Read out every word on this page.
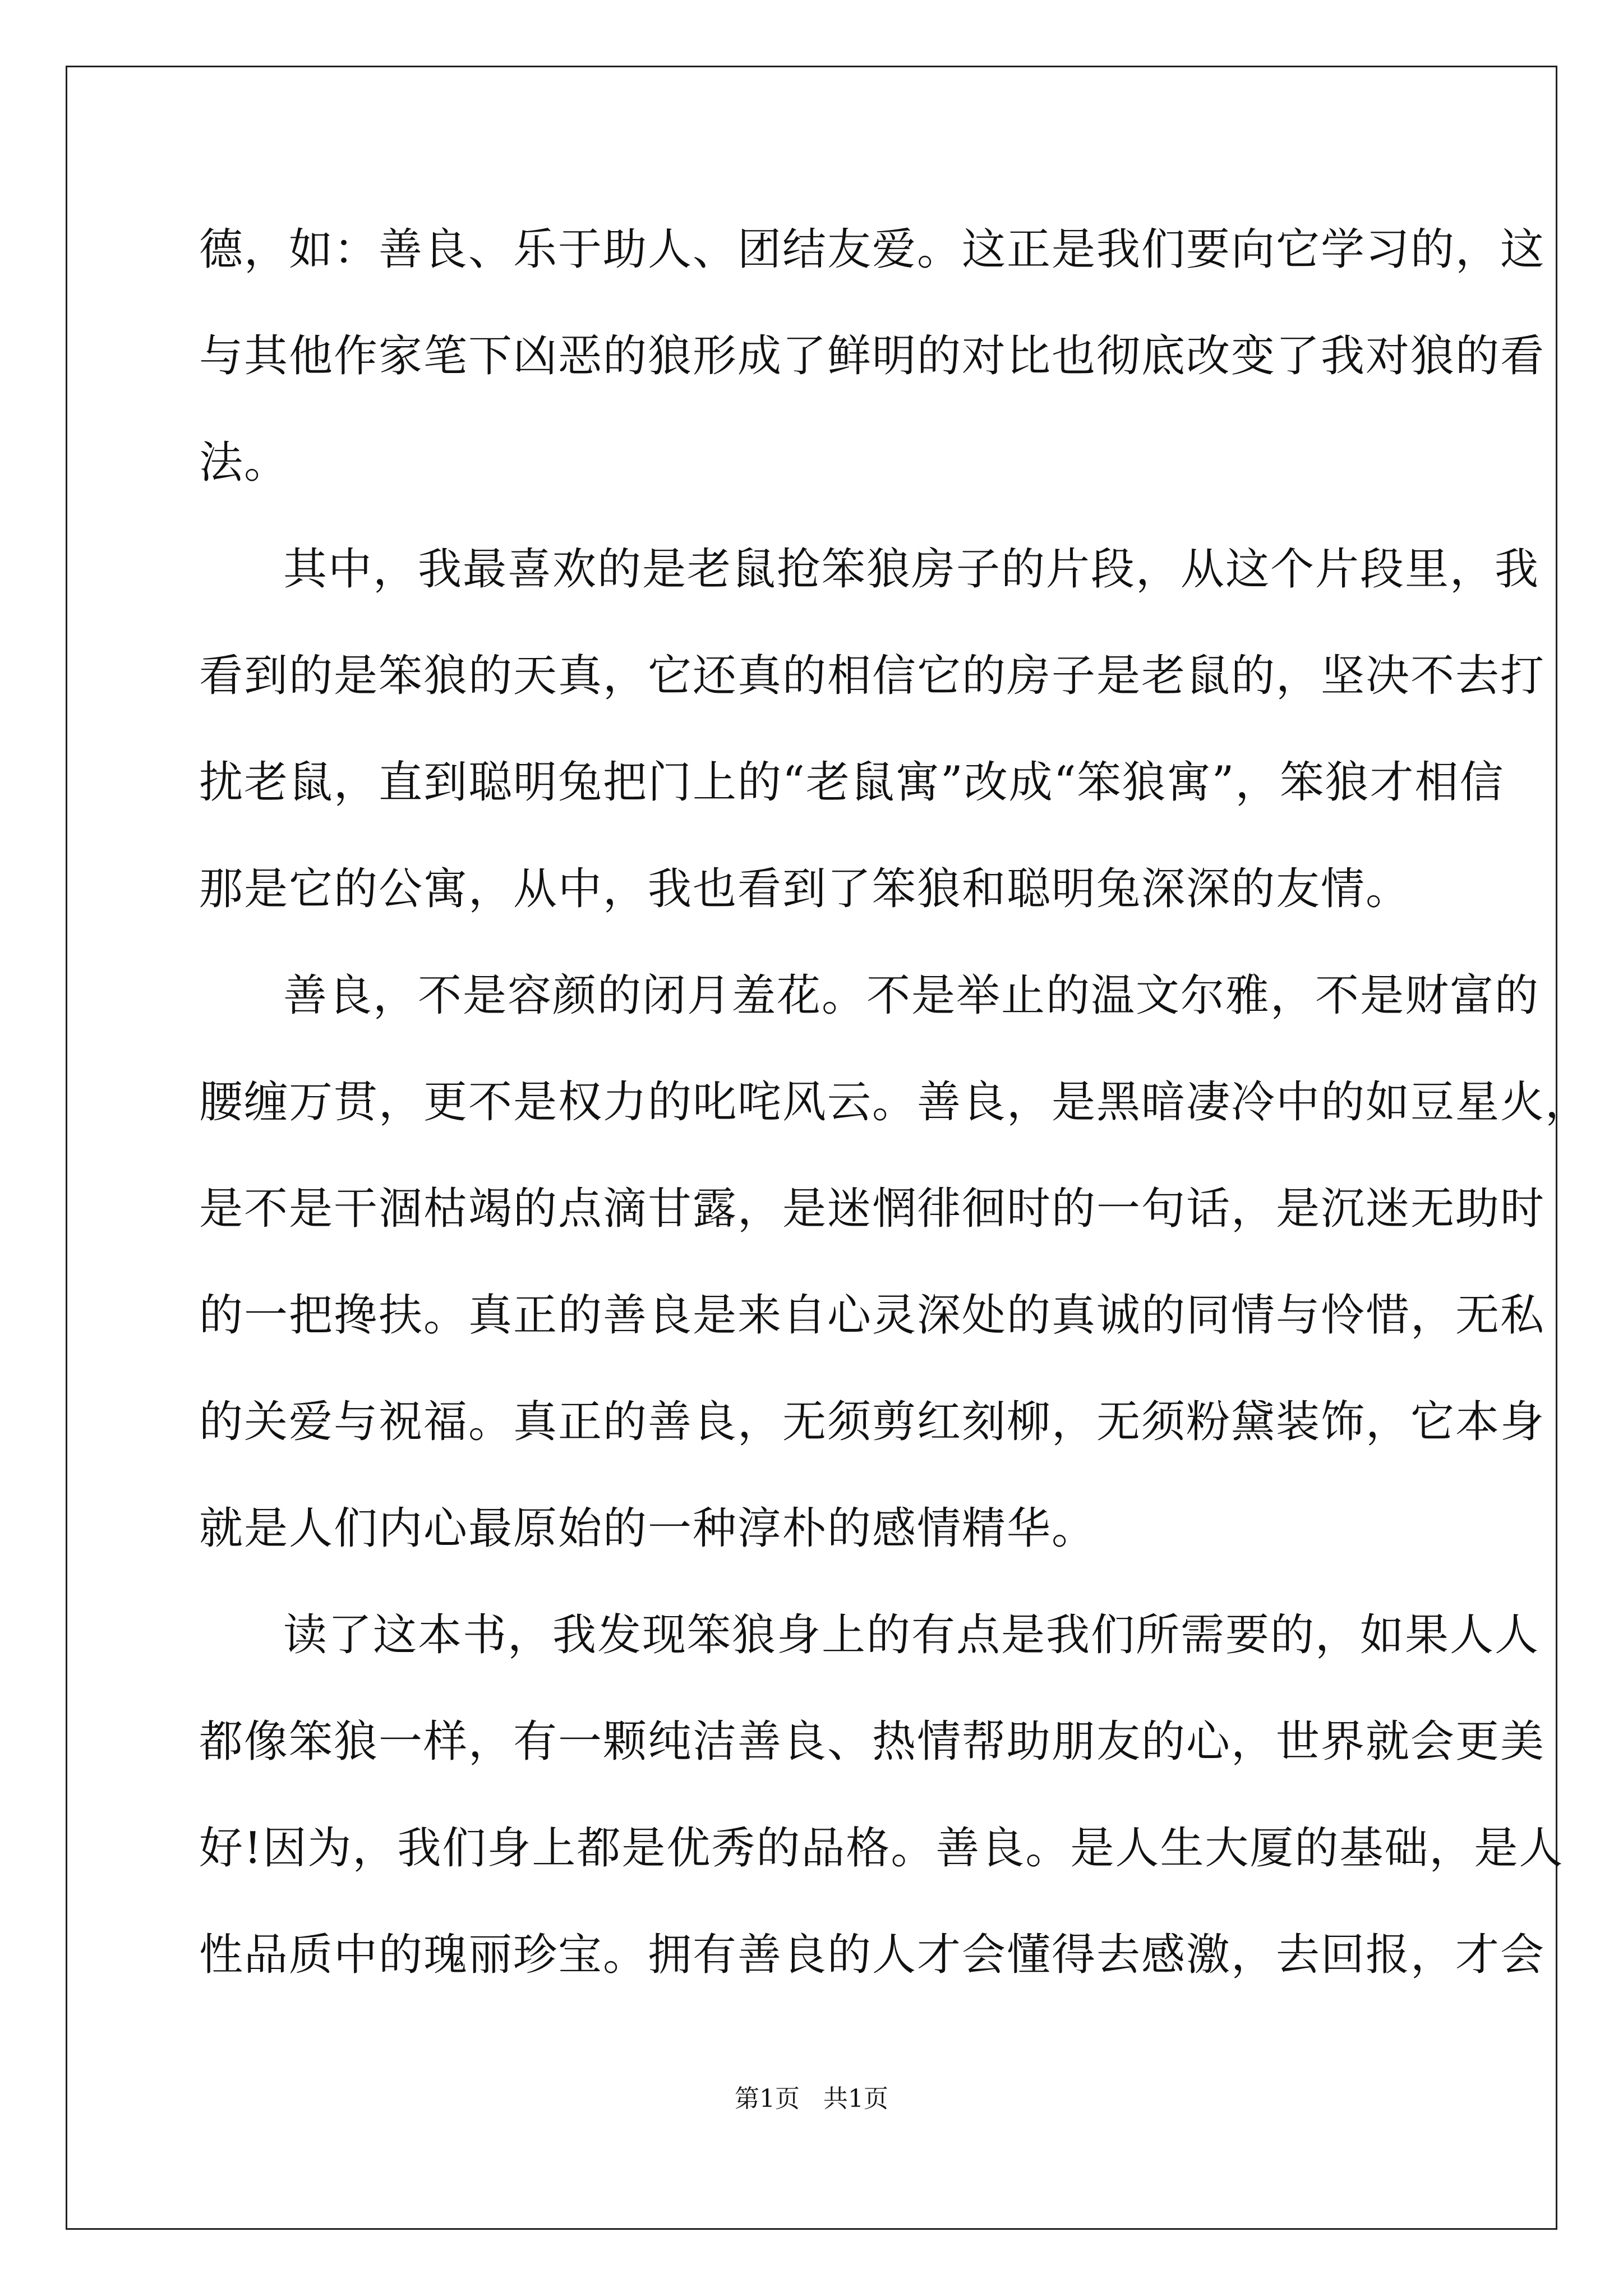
德，如：善良、乐于助人、团结友爱。这正是我们要向它学习的，这
与其他作家笔下凶恶的狼形成了鲜明的对比也彻底改变了我对狼的看
法。
其中，我最喜欢的是老鼠抢笨狼房子的片段，从这个片段里，我
看到的是笨狼的天真，它还真的相信它的房子是老鼠的，坚决不去打
扰老鼠，直到聪明兔把门上的“老鼠寓”改成“笨狼寓”，笨狼才相信
那是它的公寓，从中，我也看到了笨狼和聪明兔深深的友情。
善良，不是容颜的闭月羞花。不是举止的温文尔雅，不是财富的
腰缠万贯，更不是权力的叱咤风云。善良，是黑暗凄冷中的如豆星火，
是不是干涸枯竭的点滴甘露，是迷惘徘徊时的一句话，是沉迷无助时
的一把搀扶。真正的善良是来自心灵深处的真诚的同情与怜惜，无私
的关爱与祝福。真正的善良，无须剪红刻柳，无须粉黛装饰，它本身
就是人们内心最原始的一种淳朴的感情精华。
读了这本书，我发现笨狼身上的有点是我们所需要的，如果人人
都像笨狼一样，有一颗纯洁善良、热情帮助朋友的心，世界就会更美
好!因为，我们身上都是优秀的品格。善良。是人生大厦的基础，是人
性品质中的瑰丽珍宝。拥有善良的人才会懂得去感激，去回报，才会
第1页   共1页
